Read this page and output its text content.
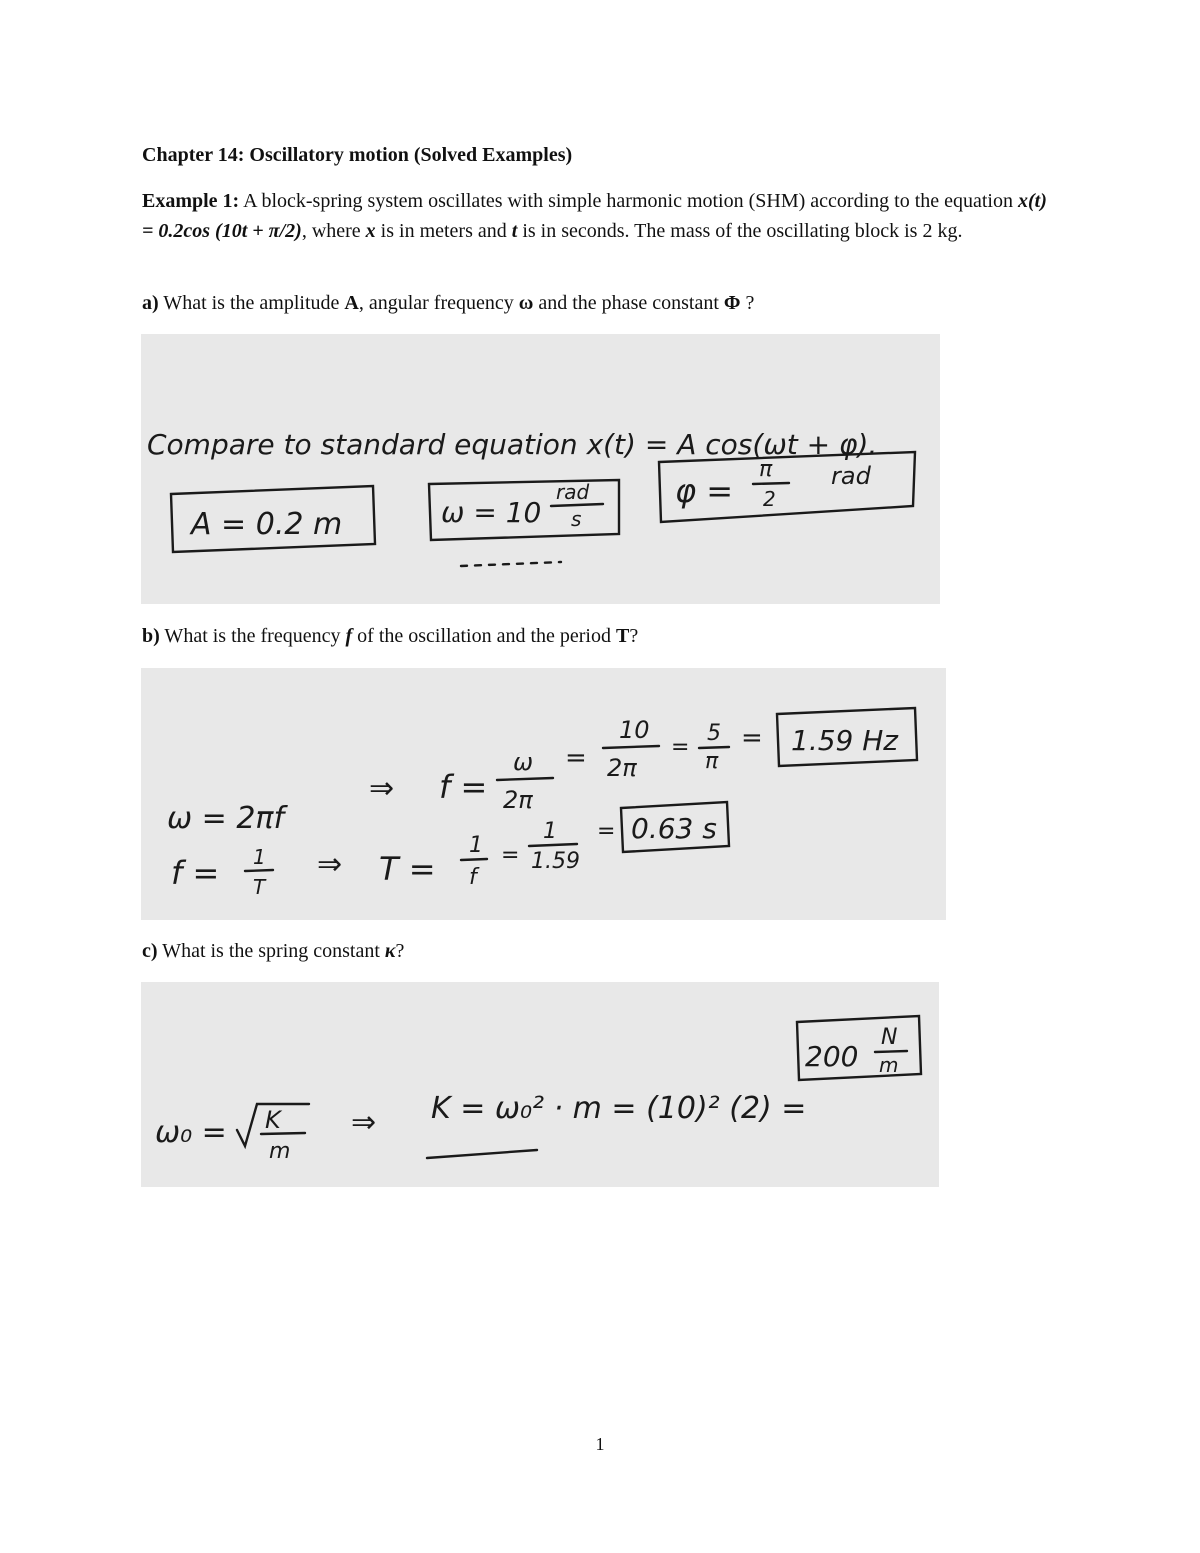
Chapter 14: Oscillatory motion (Solved Examples)
Example 1: A block-spring system oscillates with simple harmonic motion (SHM) according to the equation x(t) = 0.2cos (10t + π/2), where x is in meters and t is in seconds. The mass of the oscillating block is 2 kg.
a) What is the amplitude A, angular frequency ω and the phase constant Φ ?
Compare to standard equation x(t) = A cos(ωt + φ).
A = 0.2 m	ω = 10
rad
s
φ =
π
2
rad
b) What is the frequency f of the oscillation and the period T?
ω = 2πf
⇒ f =
ω
2π
=
10
2π
=
5
π
= 1.59 Hz
f = 1
T
⇒ T =
1
f
=
1
1.59
= 0.63 s
c) What is the spring constant κ?
ω₀ = K
m
⇒ K = ω₀² · m = (10)² (2) =
200
N
m
1
